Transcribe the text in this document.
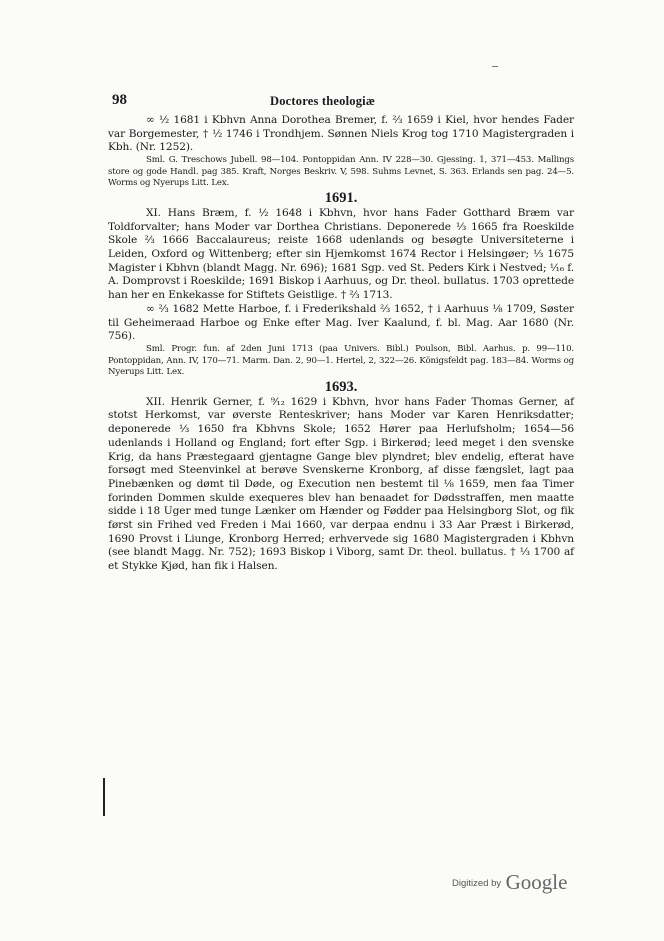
98	Doctores theologiæ

∞ ½ 1681 i Kbhvn Anna Dorothea Bremer, f. ⅔ 1659 i Kiel, hvor hendes Fader var Borgemester, † ½ 1746 i Trondhjem. Sønnen Niels Krog tog 1710 Magistergraden i Kbh. (Nr. 1252).

Sml. G. Treschows Jubell. 98—104. Pontoppidan Ann. IV 228—30. Gjessing. 1, 371—453. Mallings store og gode Handl. pag 385. Kraft, Norges Beskriv. V, 598. Suhms Levnet, S. 363. Erlands sen pag. 24—5. Worms og Nyerups Litt. Lex.

1691.

XI. Hans Bræm, f. ½ 1648 i Kbhvn, hvor hans Fader Gotthard Bræm var Toldforvalter; hans Moder var Dorthea Christians. Deponerede ⅓ 1665 fra Roeskilde Skole ⅔ 1666 Baccalaureus; reiste 1668 udenlands og besøgte Universiteterne i Leiden, Oxford og Wittenberg; efter sin Hjemkomst 1674 Rector i Helsingøer; ⅓ 1675 Magister i Kbhvn (blandt Magg. Nr. 696); 1681 Sgp. ved St. Peders Kirk i Nestved; ⅟₁₆ f. A. Domprovst i Roeskilde; 1691 Biskop i Aarhuus, og Dr. theol. bullatus. 1703 oprettede han her en Enkekasse for Stiftets Geistlige. † ⅔ 1713.

∞ ⅔ 1682 Mette Harboe, f. i Frederikshald ⅔ 1652, † i Aarhuus ⅛ 1709, Søster til Geheimeraad Harboe og Enke efter Mag. Iver Kaalund, f. bl. Mag. Aar 1680 (Nr. 756).

Sml. Progr. fun. af 2den Juni 1713 (paa Univers. Bibl.) Poulson, Bibl. Aarhus. p. 99—110. Pontoppidan, Ann. IV, 170—71. Marm. Dan. 2, 90—1. Hertel, 2, 322—26. Königsfeldt pag. 183—84. Worms og Nyerups Litt. Lex.

1693.

XII. Henrik Gerner, f. ⁹⁄₁₂ 1629 i Kbhvn, hvor hans Fader Thomas Gerner, af stotst Herkomst, var øverste Renteskriver; hans Moder var Karen Henriksdatter; deponerede ⅓ 1650 fra Kbhvns Skole; 1652 Hører paa Herlufsholm; 1654—56 udenlands i Holland og England; fort efter Sgp. i Birkerød; leed meget i den svenske Krig, da hans Præstegaard gjentagne Gange blev plyndret; blev endelig, efterat have forsøgt med Steenvinkel at berøve Svenskerne Kronborg, af disse fængslet, lagt paa Pinebænken og dømt til Døde, og Execution nen bestemt til ⅛ 1659, men faa Timer forinden Dommen skulde exequeres blev han benaadet for Dødsstraffen, men maatte sidde i 18 Uger med tunge Lænker om Hænder og Fødder paa Helsingborg Slot, og fik først sin Frihed ved Freden i Mai 1660, var derpaa endnu i 33 Aar Præst i Birkerød, 1690 Provst i Liunge, Kronborg Herred; erhvervede sig 1680 Magistergraden i Kbhvn (see blandt Magg. Nr. 752); 1693 Biskop i Viborg, samt Dr. theol. bullatus. † ⅓ 1700 af et Stykke Kjød, han fik i Halsen.

Digitized by Google
